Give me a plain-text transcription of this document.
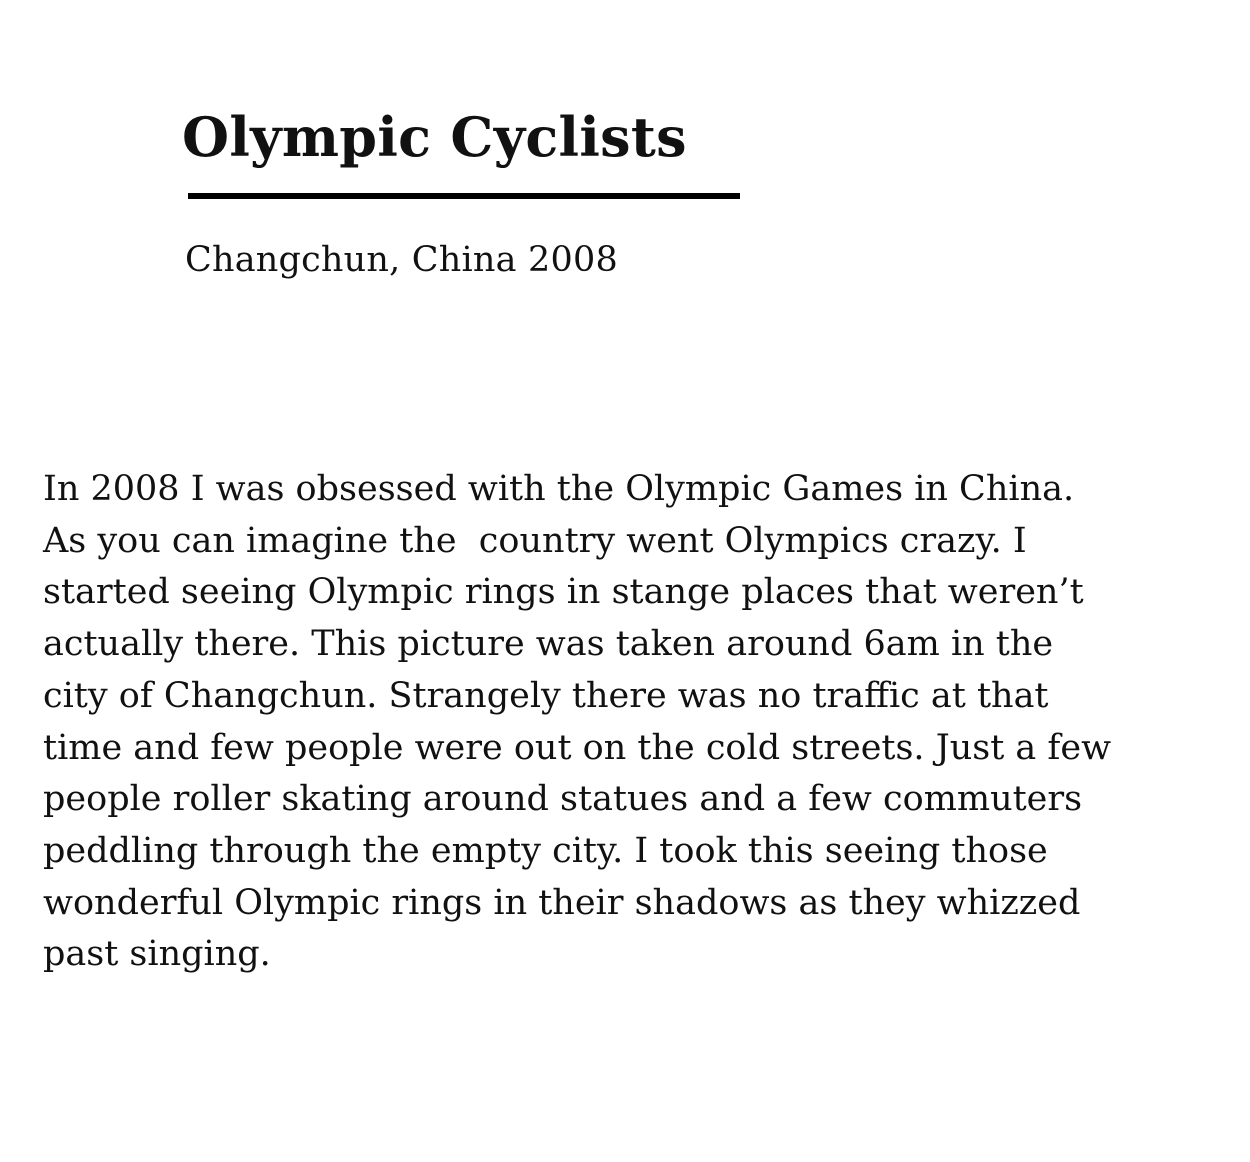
Olympic Cyclists

Changchun, China 2008

In 2008 I was obsessed with the Olympic Games in China.
As you can imagine the  country went Olympics crazy. I
started seeing Olympic rings in stange places that weren’t
actually there. This picture was taken around 6am in the
city of Changchun. Strangely there was no traffic at that
time and few people were out on the cold streets. Just a few
people roller skating around statues and a few commuters
peddling through the empty city. I took this seeing those
wonderful Olympic rings in their shadows as they whizzed
past singing.
